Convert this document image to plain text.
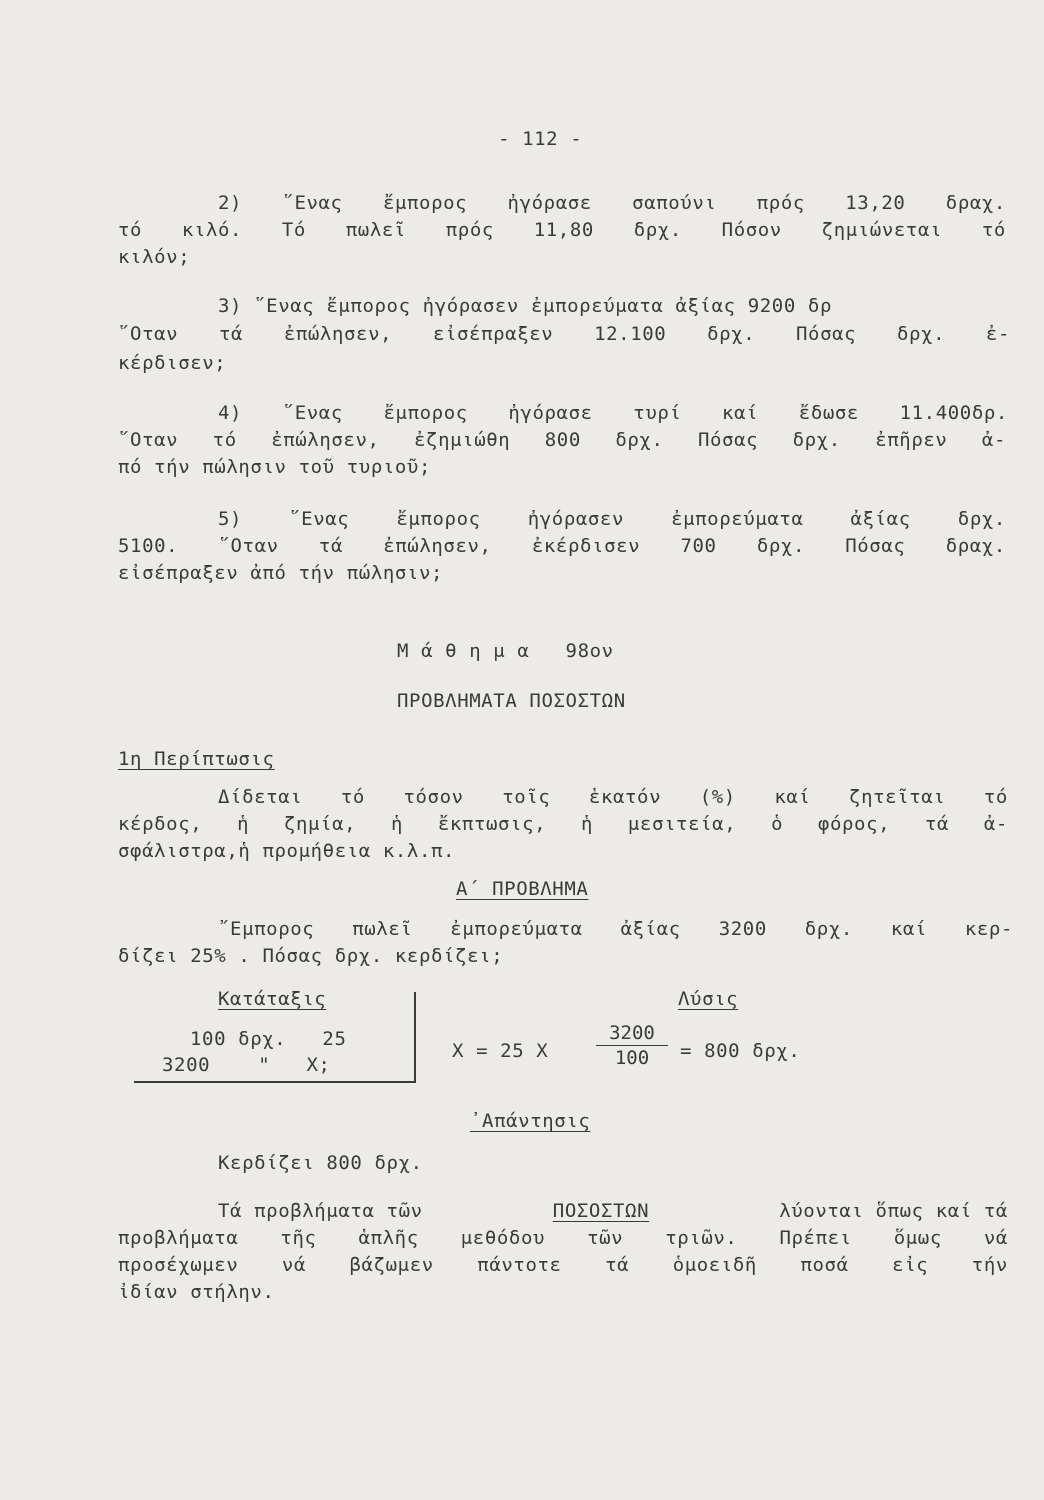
- 112 -
2) ῞Ενας ἔμπορος ἠγόρασε σαπούνι πρός 13,20 δραχ.
τό κιλό. Τό πωλεῖ πρός 11,80 δρχ. Πόσον ζημιώνεται τό
κιλόν;
3) ῞Ενας ἔμπορος ἠγόρασεν ἐμπορεύματα ἀξίας 9200 δρ
῞Οταν τά ἐπώλησεν, εἰσέπραξεν 12.100 δρχ. Πόσας δρχ. ἐ-
κέρδισεν;
4) ῞Ενας ἔμπορος ἠγόρασε τυρί καί ἔδωσε 11.400δρ.
῞Οταν τό ἐπώλησεν, ἐζημιώθη 800 δρχ. Πόσας δρχ. ἐπῆρεν ἀ-
πό τήν πώλησιν τοῦ τυριοῦ;
5) ῞Ενας ἔμπορος ἠγόρασεν ἐμπορεύματα ἀξίας δρχ.
5100. ῞Οταν τά ἐπώλησεν, ἐκέρδισεν 700 δρχ. Πόσας δραχ.
εἰσέπραξεν ἀπό τήν πώλησιν;
Μ ά θ η μ α   98ον
ΠΡΟΒΛΗΜΑΤΑ ΠΟΣΟΣΤΩΝ
1η Περίπτωσις
Δίδεται τό τόσον τοῖς ἑκατόν (%) καί ζητεῖται τό
κέρδος, ἡ ζημία, ἡ ἔκπτωσις, ἡ μεσιτεία, ὁ φόρος, τά ἀ-
σφάλιστρα,ἡ προμήθεια κ.λ.π.
Α΄ ΠΡΟΒΛΗΜΑ
῎Εμπορος πωλεῖ ἐμπορεύματα ἀξίας 3200 δρχ. καί κερ-
δίζει 25% . Πόσας δρχ. κερδίζει;
Κατάταξις
100 δρχ.   25
3200    "   X;
Λύσις
X = 25 X
3200
100	= 800 δρχ.
᾿Απάντησις
Κερδίζει 800 δρχ.
Τά προβλήματα τῶν	ΠΟΣΟΣΤΩΝ	λύονται ὅπως καί τά
προβλήματα τῆς ἁπλῆς μεθόδου τῶν τριῶν. Πρέπει ὅμως νά
προσέχωμεν νά βάζωμεν πάντοτε τά ὁμοειδῆ ποσά εἰς τήν
ἰδίαν στήλην.
